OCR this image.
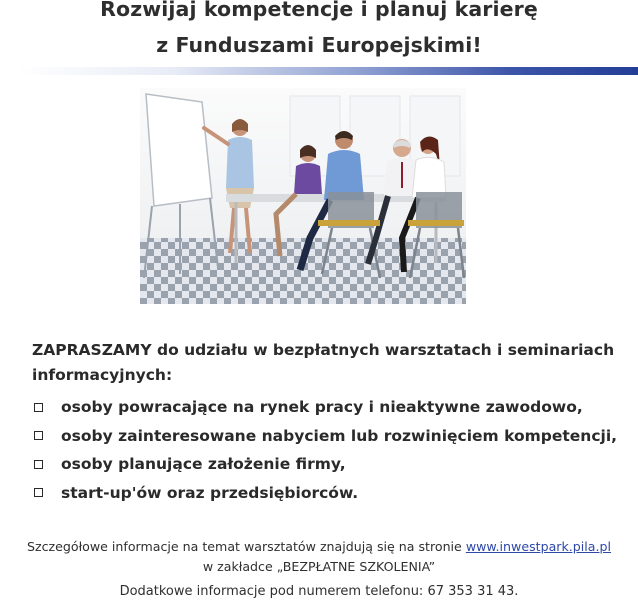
Rozwijaj kompetencje i planuj karierę
z Funduszami Europejskimi!
ZAPRASZAMY do udziału w bezpłatnych warsztatach i seminariach informacyjnych:
osoby powracające na rynek pracy i nieaktywne zawodowo,
osoby zainteresowane nabyciem lub rozwinięciem kompetencji,
osoby planujące założenie firmy,
start-up'ów oraz przedsiębiorców.
Szczegółowe informacje na temat warsztatów znajdują się na stronie www.inwestpark.pila.pl
w zakładce „BEZPŁATNE SZKOLENIA”
Dodatkowe informacje pod numerem telefonu: 67 353 31 43.
